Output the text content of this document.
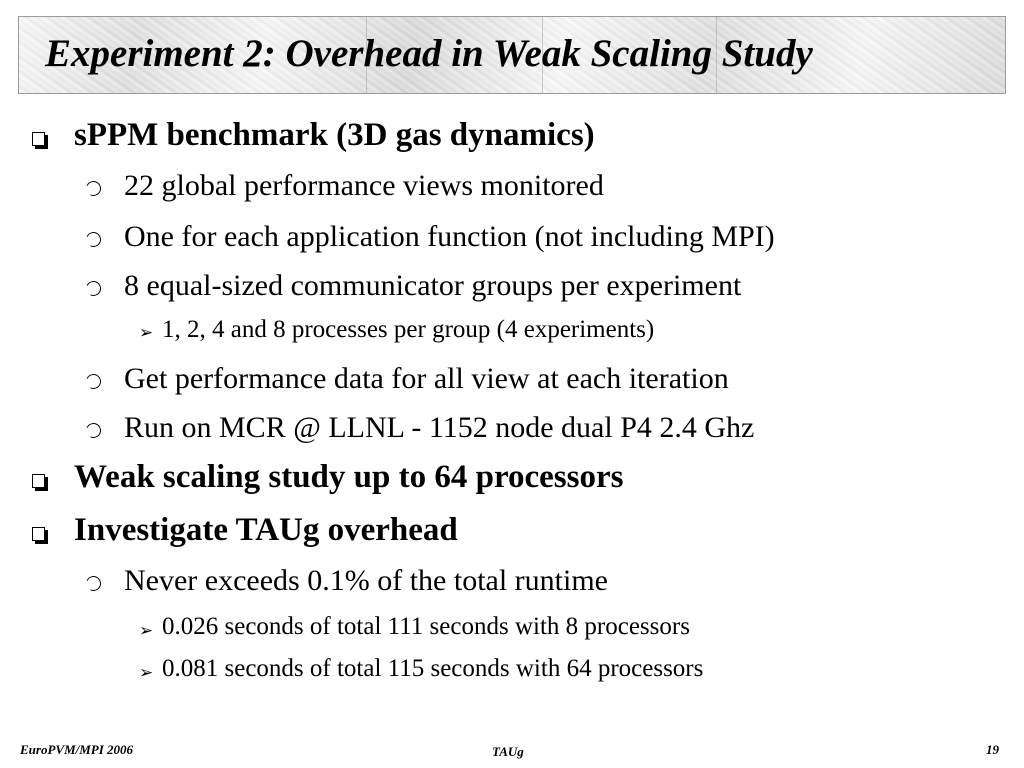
Experiment 2: Overhead in Weak Scaling Study
sPPM benchmark (3D gas dynamics)
22 global performance views monitored
One for each application function (not including MPI)
8 equal-sized communicator groups per experiment
➢ 1, 2, 4 and 8 processes per group (4 experiments)
Get performance data for all view at each iteration
Run on MCR @ LLNL - 1152 node dual P4 2.4 Ghz
Weak scaling study up to 64 processors
Investigate TAUg overhead
Never exceeds 0.1% of the total runtime
➢ 0.026 seconds of total 111 seconds with 8 processors
➢ 0.081 seconds of total 115 seconds with 64 processors
EuroPVM/MPI 2006	TAUg	19
